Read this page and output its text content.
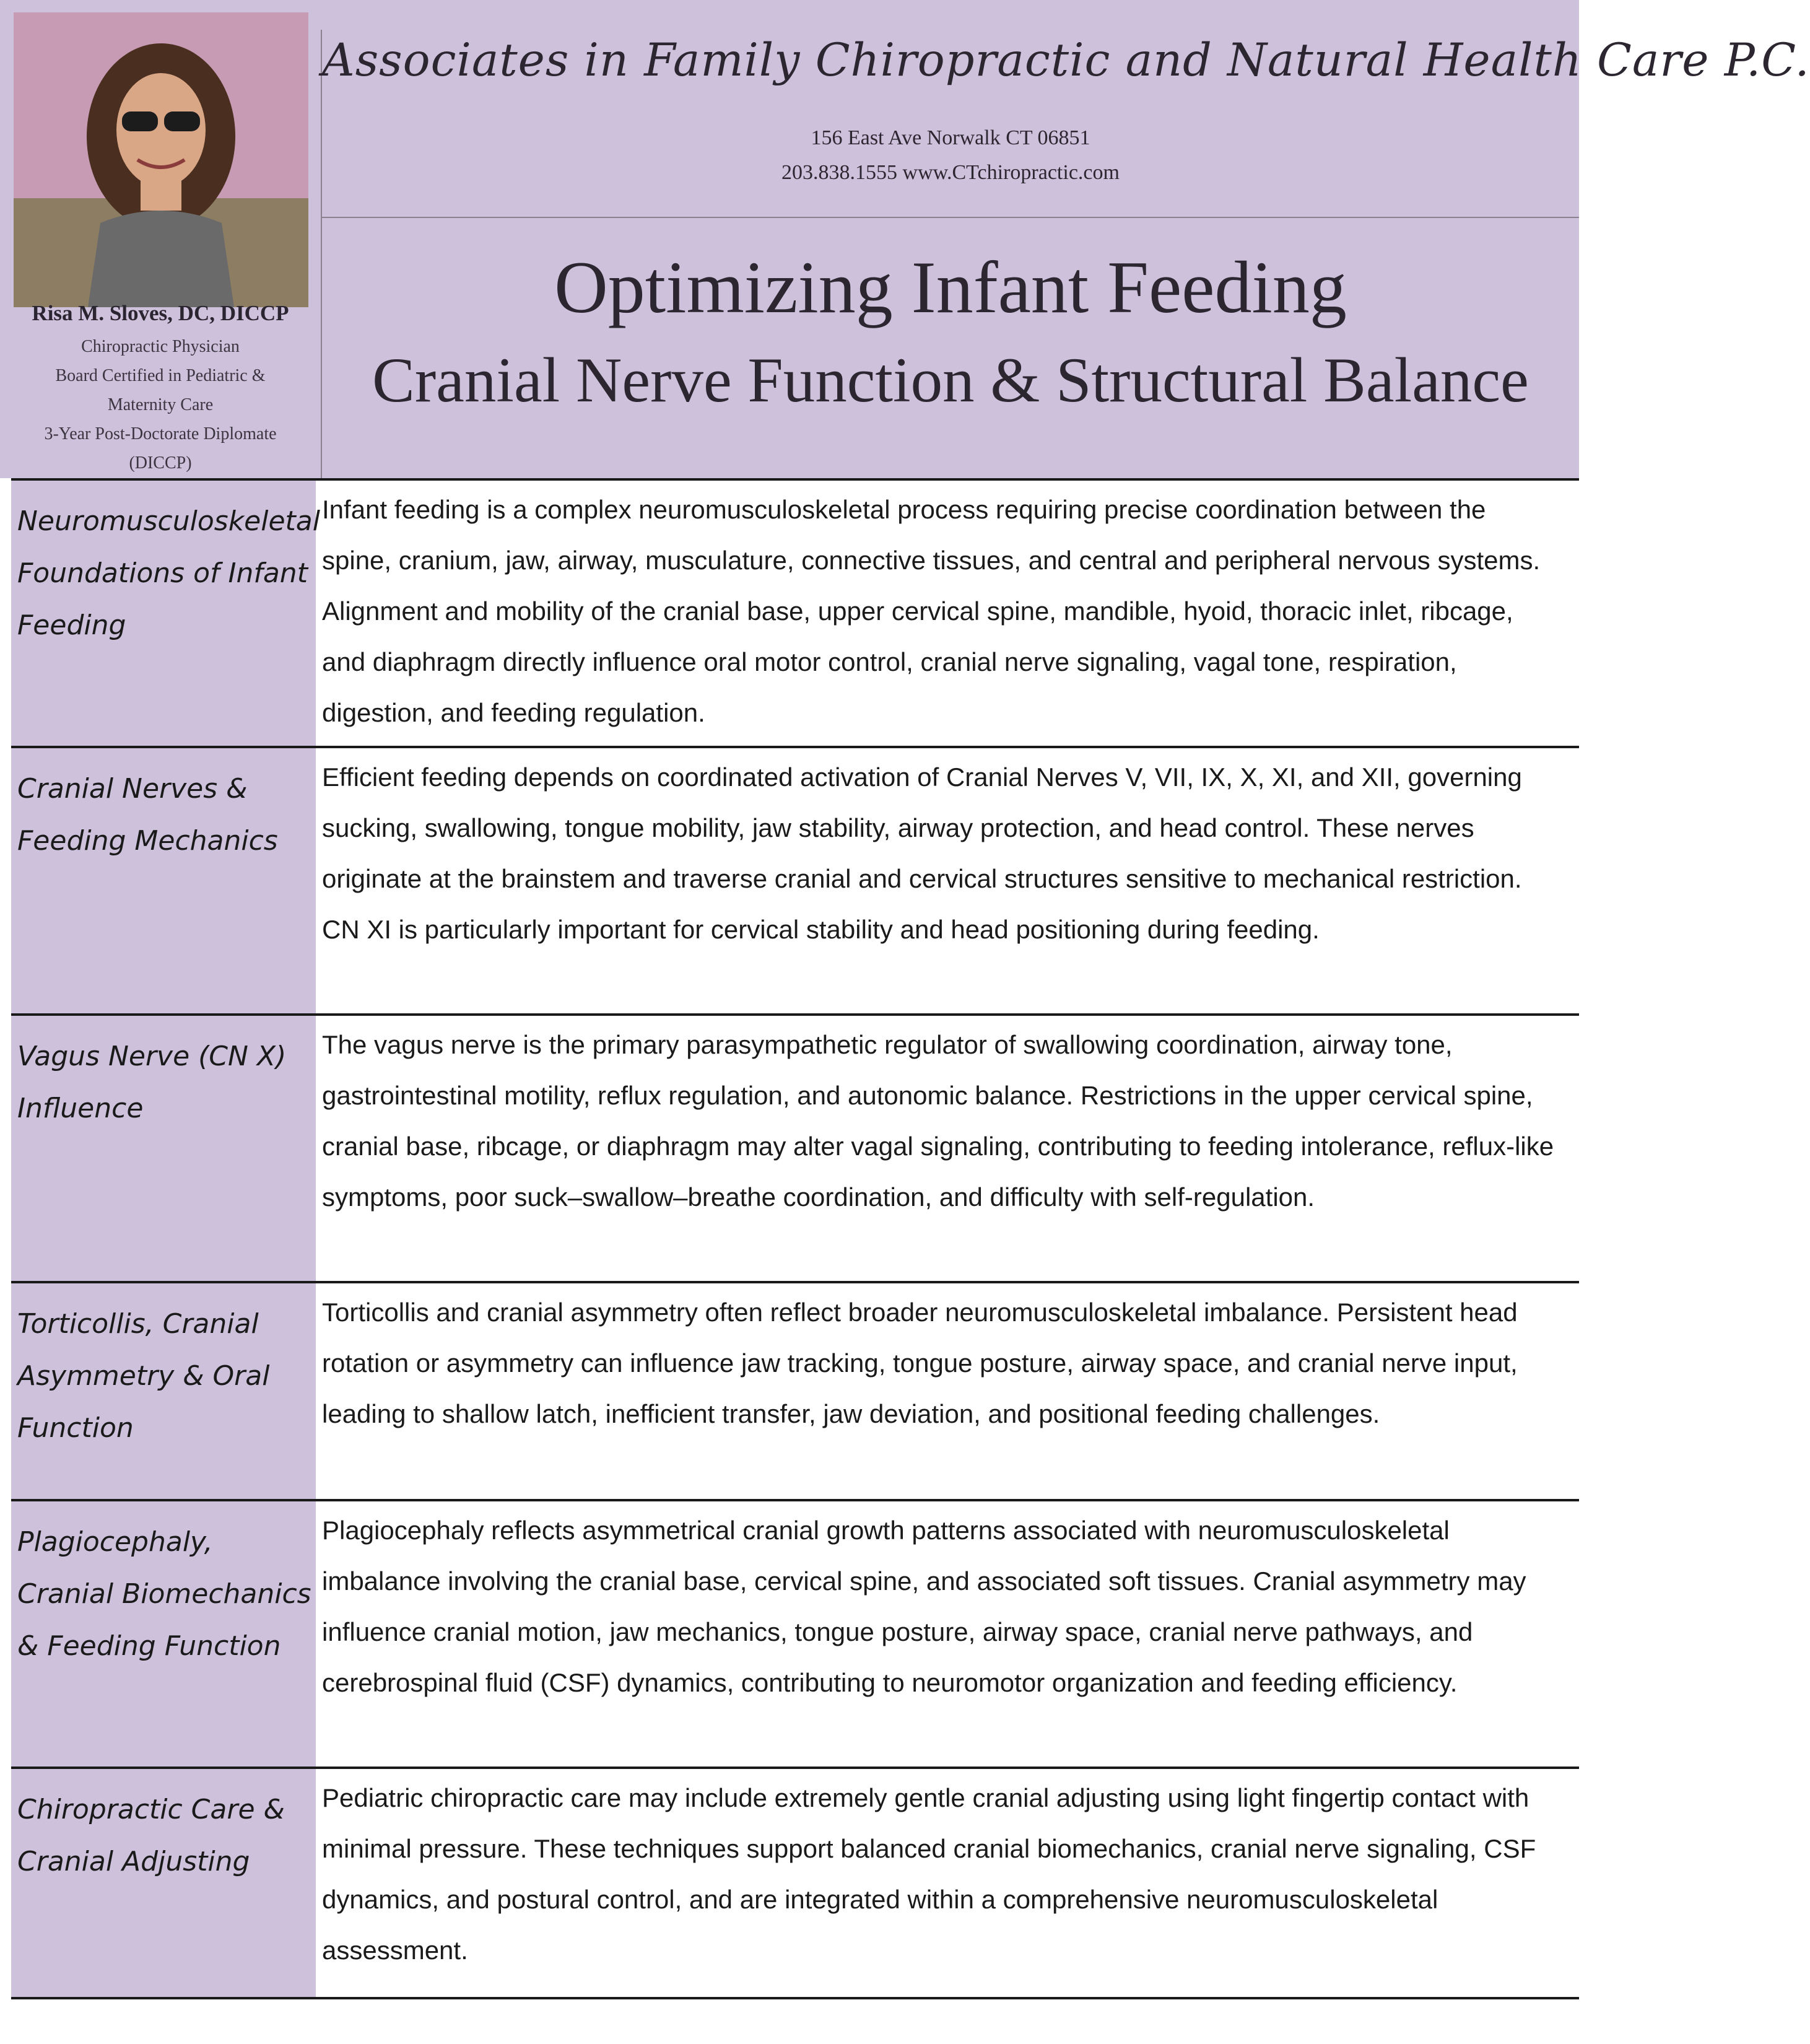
Risa M. Sloves, DC, DICCP
Chiropractic Physician
Board Certified in Pediatric &
Maternity Care
3-Year Post-Doctorate Diplomate
(DICCP)
Associates in Family Chiropractic and Natural Health Care P.C.
156 East Ave Norwalk CT 06851
203.838.1555 www.CTchiropractic.com
Optimizing Infant Feeding
Cranial Nerve Function & Structural Balance
Neuromusculoskeletal Foundations of Infant Feeding
Infant feeding is a complex neuromusculoskeletal process requiring precise coordination between the spine, cranium, jaw, airway, musculature, connective tissues, and central and peripheral nervous systems. Alignment and mobility of the cranial base, upper cervical spine, mandible, hyoid, thoracic inlet, ribcage, and diaphragm directly influence oral motor control, cranial nerve signaling, vagal tone, respiration, digestion, and feeding regulation.
Cranial Nerves & Feeding Mechanics
Efficient feeding depends on coordinated activation of Cranial Nerves V, VII, IX, X, XI, and XII, governing sucking, swallowing, tongue mobility, jaw stability, airway protection, and head control. These nerves originate at the brainstem and traverse cranial and cervical structures sensitive to mechanical restriction. CN XI is particularly important for cervical stability and head positioning during feeding.
Vagus Nerve (CN X) Influence
The vagus nerve is the primary parasympathetic regulator of swallowing coordination, airway tone, gastrointestinal motility, reflux regulation, and autonomic balance. Restrictions in the upper cervical spine, cranial base, ribcage, or diaphragm may alter vagal signaling, contributing to feeding intolerance, reflux-like symptoms, poor suck–swallow–breathe coordination, and difficulty with self-regulation.
Torticollis, Cranial Asymmetry & Oral Function
Torticollis and cranial asymmetry often reflect broader neuromusculoskeletal imbalance. Persistent head rotation or asymmetry can influence jaw tracking, tongue posture, airway space, and cranial nerve input, leading to shallow latch, inefficient transfer, jaw deviation, and positional feeding challenges.
Plagiocephaly, Cranial Biomechanics & Feeding Function
Plagiocephaly reflects asymmetrical cranial growth patterns associated with neuromusculoskeletal imbalance involving the cranial base, cervical spine, and associated soft tissues. Cranial asymmetry may influence cranial motion, jaw mechanics, tongue posture, airway space, cranial nerve pathways, and cerebrospinal fluid (CSF) dynamics, contributing to neuromotor organization and feeding efficiency.
Chiropractic Care & Cranial Adjusting
Pediatric chiropractic care may include extremely gentle cranial adjusting using light fingertip contact with minimal pressure. These techniques support balanced cranial biomechanics, cranial nerve signaling, CSF dynamics, and postural control, and are integrated within a comprehensive neuromusculoskeletal assessment.
